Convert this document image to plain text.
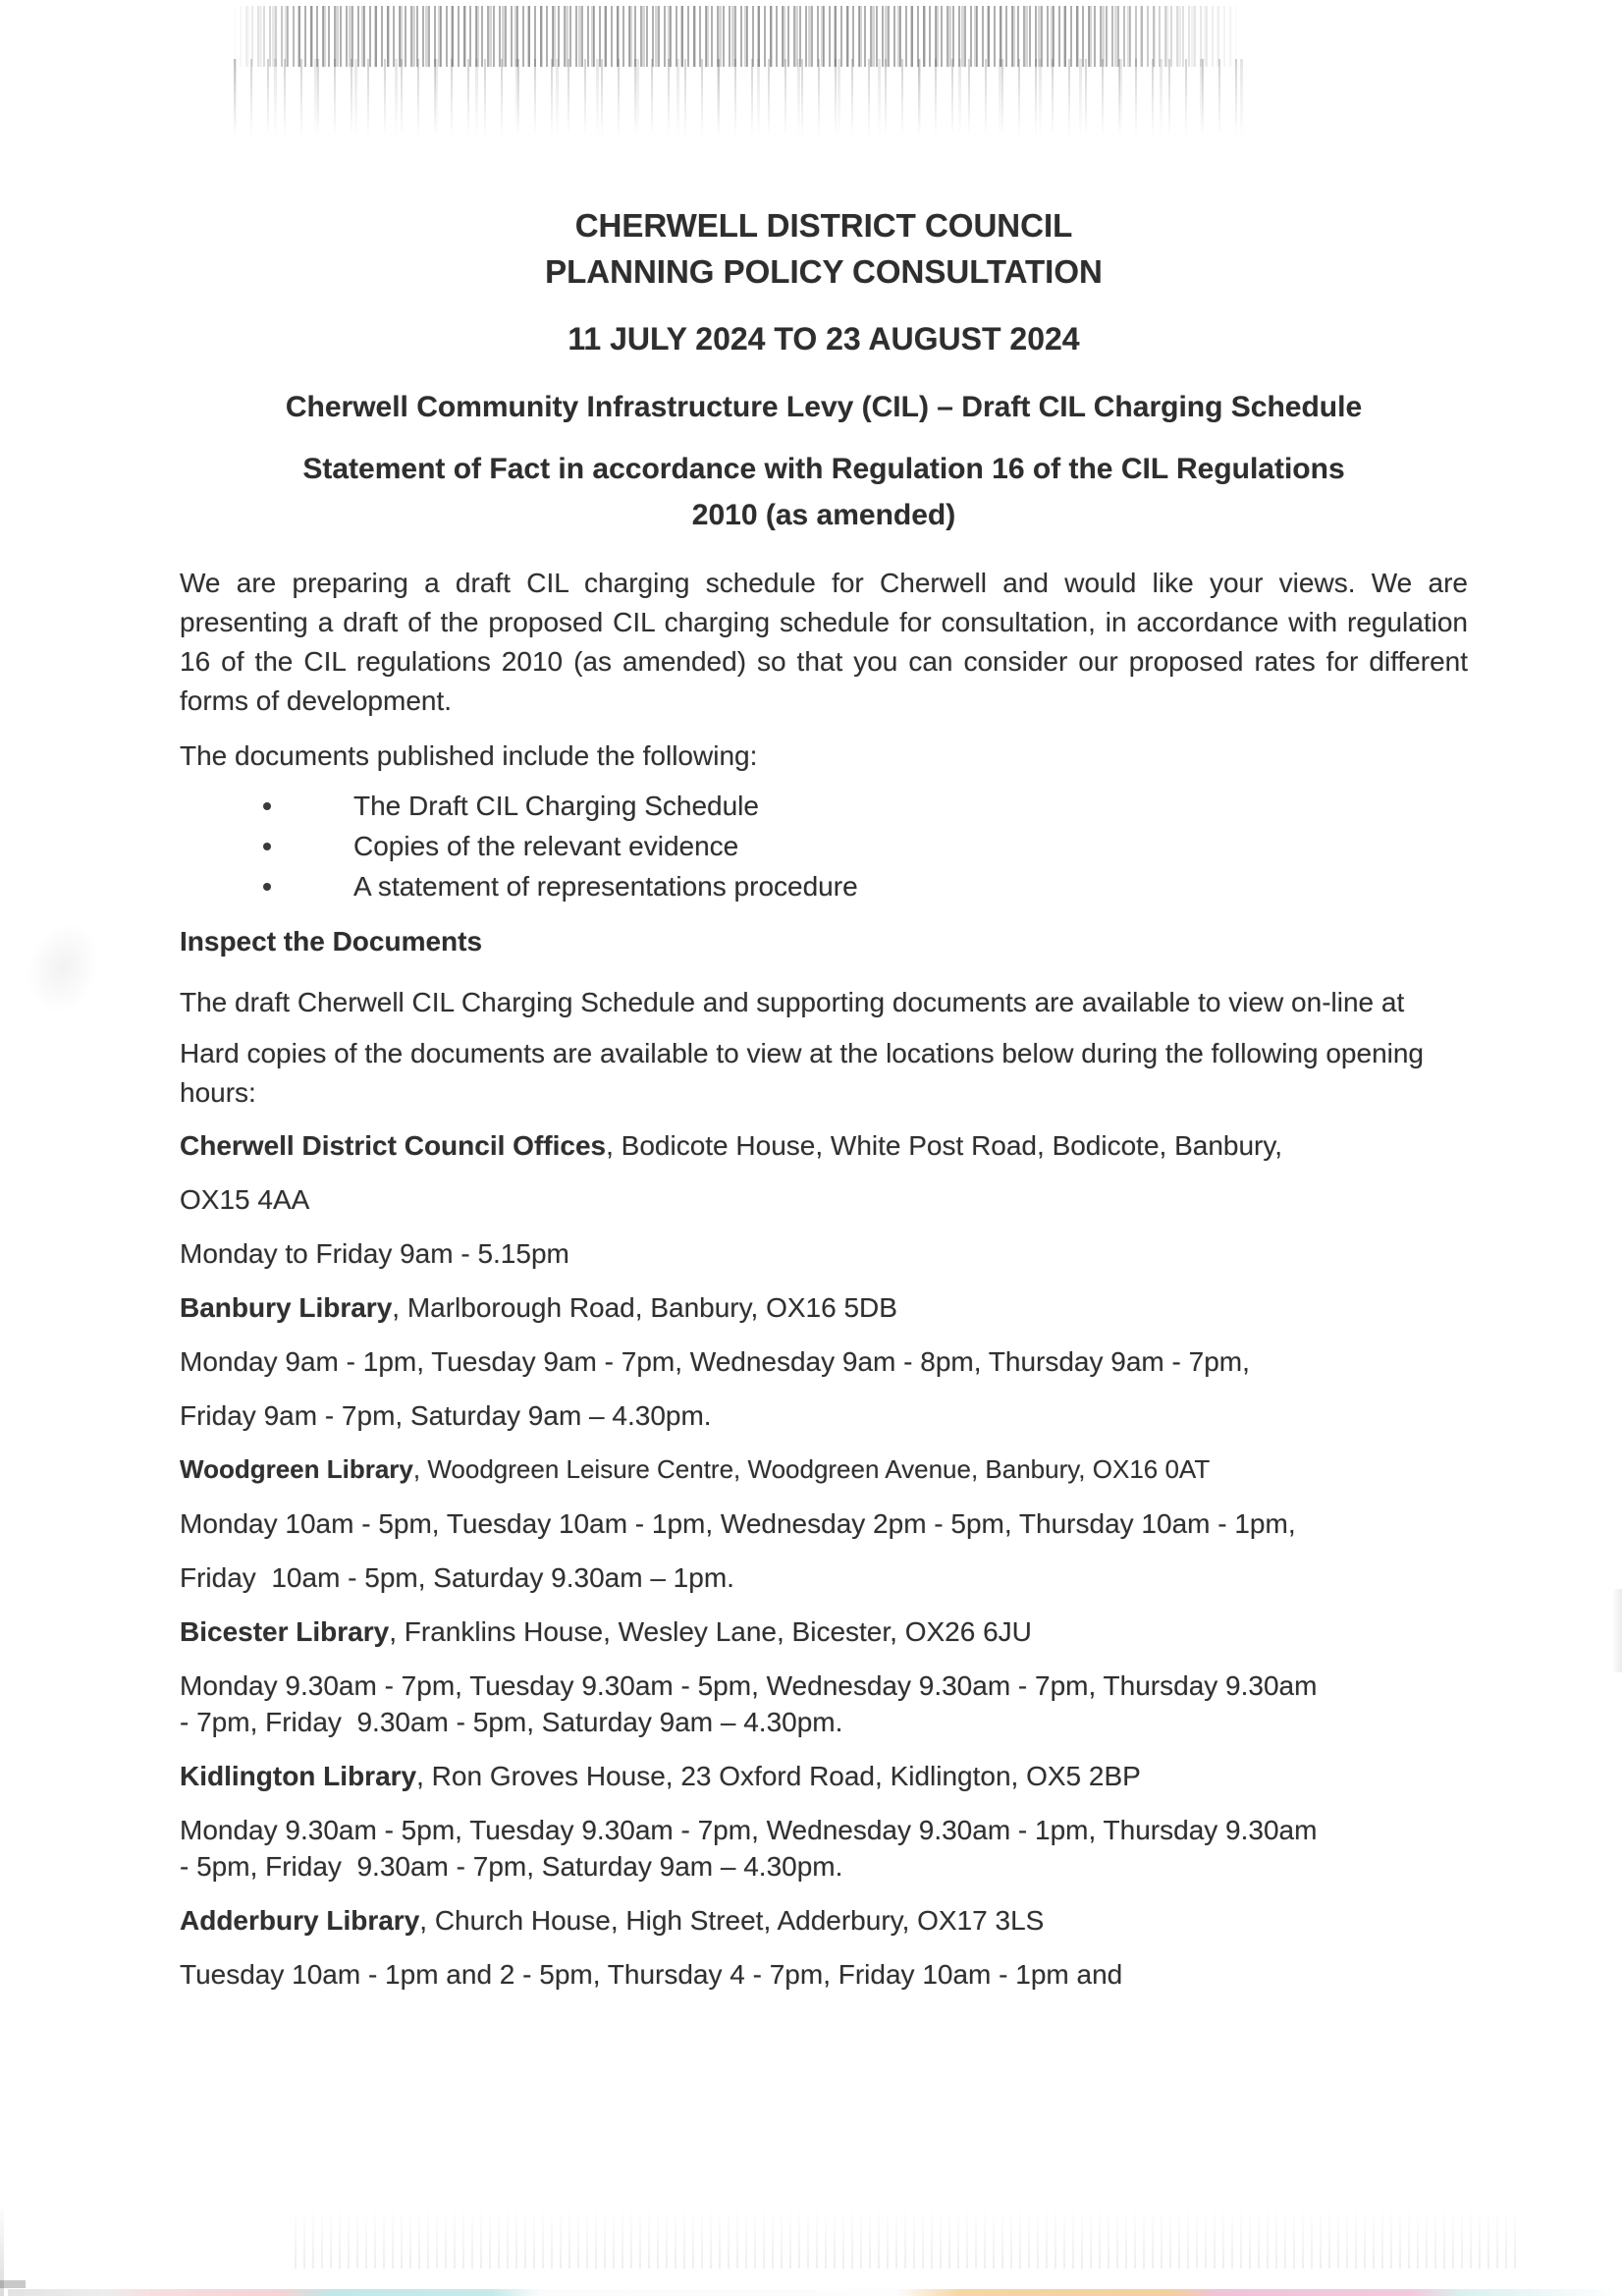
CHERWELL DISTRICT COUNCIL
PLANNING POLICY CONSULTATION
11 JULY 2024 TO 23 AUGUST 2024
Cherwell Community Infrastructure Levy (CIL) – Draft CIL Charging Schedule
Statement of Fact in accordance with Regulation 16 of the CIL Regulations
2010 (as amended)

We are preparing a draft CIL charging schedule for Cherwell and would like your views. We are presenting a draft of the proposed CIL charging schedule for consultation, in accordance with regulation 16 of the CIL regulations 2010 (as amended) so that you can consider our proposed rates for different forms of development.

The documents published include the following:

The Draft CIL Charging Schedule
Copies of the relevant evidence
A statement of representations procedure
Inspect the Documents

The draft Cherwell CIL Charging Schedule and supporting documents are available to view on-line at

Hard copies of the documents are available to view at the locations below during the following opening hours:

Cherwell District Council Offices, Bodicote House, White Post Road, Bodicote, Banbury,

OX15 4AA

Monday to Friday 9am - 5.15pm

Banbury Library, Marlborough Road, Banbury, OX16 5DB

Monday 9am - 1pm, Tuesday 9am - 7pm, Wednesday 9am - 8pm, Thursday 9am - 7pm,

Friday 9am - 7pm, Saturday 9am – 4.30pm.

Woodgreen Library, Woodgreen Leisure Centre, Woodgreen Avenue, Banbury, OX16 0AT

Monday 10am - 5pm, Tuesday 10am - 1pm, Wednesday 2pm - 5pm, Thursday 10am - 1pm,

Friday  10am - 5pm, Saturday 9.30am – 1pm.

Bicester Library, Franklins House, Wesley Lane, Bicester, OX26 6JU

Monday 9.30am - 7pm, Tuesday 9.30am - 5pm, Wednesday 9.30am - 7pm, Thursday 9.30am
- 7pm, Friday  9.30am - 5pm, Saturday 9am – 4.30pm.

Kidlington Library, Ron Groves House, 23 Oxford Road, Kidlington, OX5 2BP

Monday 9.30am - 5pm, Tuesday 9.30am - 7pm, Wednesday 9.30am - 1pm, Thursday 9.30am
- 5pm, Friday  9.30am - 7pm, Saturday 9am – 4.30pm.

Adderbury Library, Church House, High Street, Adderbury, OX17 3LS

Tuesday 10am - 1pm and 2 - 5pm, Thursday 4 - 7pm, Friday 10am - 1pm and
